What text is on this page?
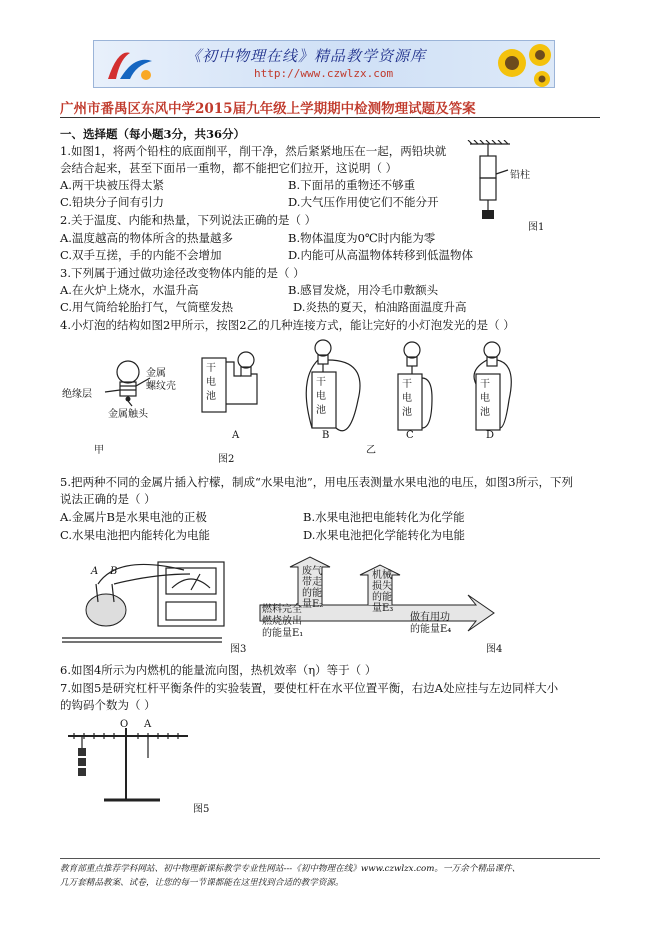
《初中物理在线》精品教学资源库
http://www.czwlzx.com
广州市番禺区东风中学2015届九年级上学期期中检测物理试题及答案
一、选择题（每小题3分，共36分）
1.如图1，将两个铅柱的底面削平，削干净，然后紧紧地压在一起，两铅块就
会结合起来，甚至下面吊一重物，都不能把它们拉开，这说明（ ）
A.两干块被压得太紧	B.下面吊的重物还不够重
C.铅块分子间有引力	D.大气压作用使它们不能分开
铅柱
图1
2.关于温度、内能和热量，下列说法正确的是（ ）
A.温度越高的物体所含的热量越多	B.物体温度为0℃时内能为零
C.双手互搓，手的内能不会增加	D.内能可从高温物体转移到低温物体
3.下列属于通过做功途径改变物体内能的是（ ）
A.在火炉上烧水，水温升高	B.感冒发烧，用冷毛巾敷额头
C.用气筒给轮胎打气，气筒壁发热	D.炎热的夏天，柏油路面温度升高
4.小灯泡的结构如图2甲所示，按图2乙的几种连接方式，能让完好的小灯泡发光的是（ ）
金属
螺纹壳
绝缘层
金属触头
干电池
干电池
干电池
干电池
A	B	C	D
甲	乙
图2
5.把两种不同的金属片插入柠檬，制成“水果电池”，用电压表测量水果电池的电压，如图3所示，下列
说法正确的是（ ）
A.金属片B是水果电池的正极	B.水果电池把电能转化为化学能
C.水果电池把内能转化为电能	D.水果电池把化学能转化为电能
A B
图3
燃料完全
燃烧放出
的能量E₁
废气
带走
的能
量E₂
机械
损失
的能
量E₃
做有用功
的能量E₄
图4
6.如图4所示为内燃机的能量流向图，热机效率（η）等于（ ）
7.如图5是研究杠杆平衡条件的实验装置，要使杠杆在水平位置平衡，右边A处应挂与左边同样大小
的钩码个数为（ ）
O A
图5
教育部重点推荐学科网站、初中物理新课标教学专业性网站---《初中物理在线》www.czwlzx.com。一万余个精品课件、
几万套精品教案、试卷，让您的每一节课都能在这里找到合适的教学资源。
